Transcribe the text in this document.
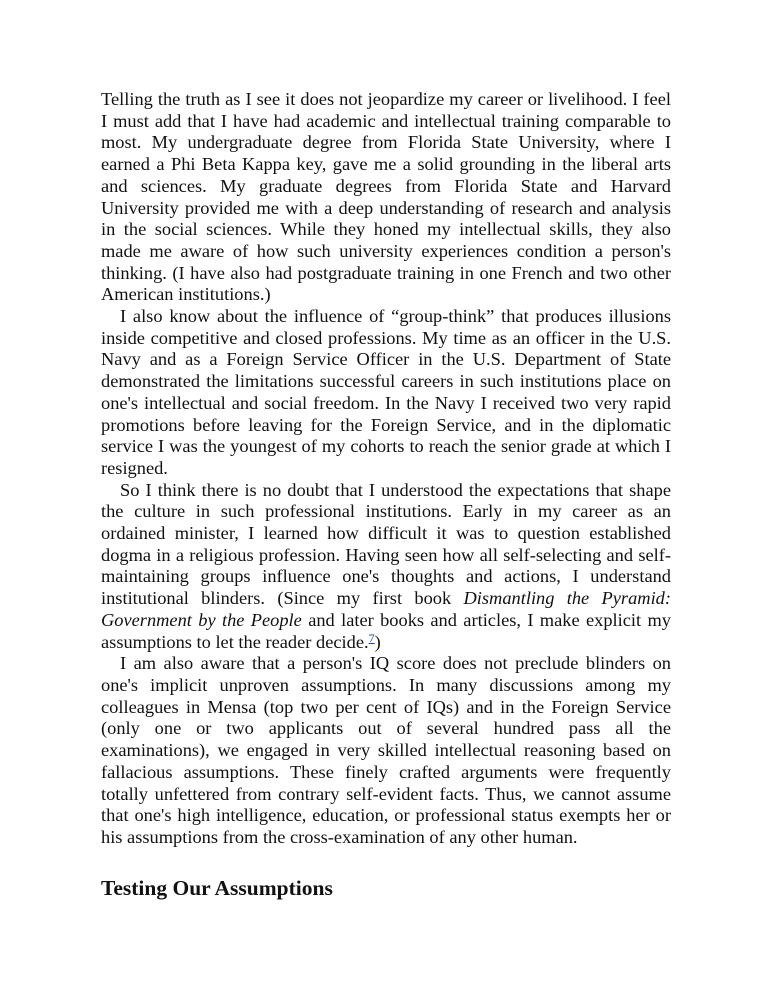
Telling the truth as I see it does not jeopardize my career or livelihood. I feel I must add that I have had academic and intellectual training comparable to most. My undergraduate degree from Florida State University, where I earned a Phi Beta Kappa key, gave me a solid grounding in the liberal arts and sciences. My graduate degrees from Florida State and Harvard University provided me with a deep understanding of research and analysis in the social sciences. While they honed my intellectual skills, they also made me aware of how such university experiences condition a person's thinking. (I have also had postgraduate training in one French and two other American institutions.)

I also know about the influence of “group-think” that produces illusions inside competitive and closed professions. My time as an officer in the U.S. Navy and as a Foreign Service Officer in the U.S. Department of State demonstrated the limitations successful careers in such institutions place on one's intellectual and social freedom. In the Navy I received two very rapid promotions before leaving for the Foreign Service, and in the diplomatic service I was the youngest of my cohorts to reach the senior grade at which I resigned.

So I think there is no doubt that I understood the expectations that shape the culture in such professional institutions. Early in my career as an ordained minister, I learned how difficult it was to question established dogma in a religious profession. Having seen how all self-selecting and self-maintaining groups influence one's thoughts and actions, I understand institutional blinders. (Since my first book Dismantling the Pyramid: Government by the People and later books and articles, I make explicit my assumptions to let the reader decide.$^7$)

I am also aware that a person's IQ score does not preclude blinders on one's implicit unproven assumptions. In many discussions among my colleagues in Mensa (top two per cent of IQs) and in the Foreign Service (only one or two applicants out of several hundred pass all the examinations), we engaged in very skilled intellectual reasoning based on fallacious assumptions. These finely crafted arguments were frequently totally unfettered from contrary self-evident facts. Thus, we cannot assume that one's high intelligence, education, or professional status exempts her or his assumptions from the cross-examination of any other human.

Testing Our Assumptions
